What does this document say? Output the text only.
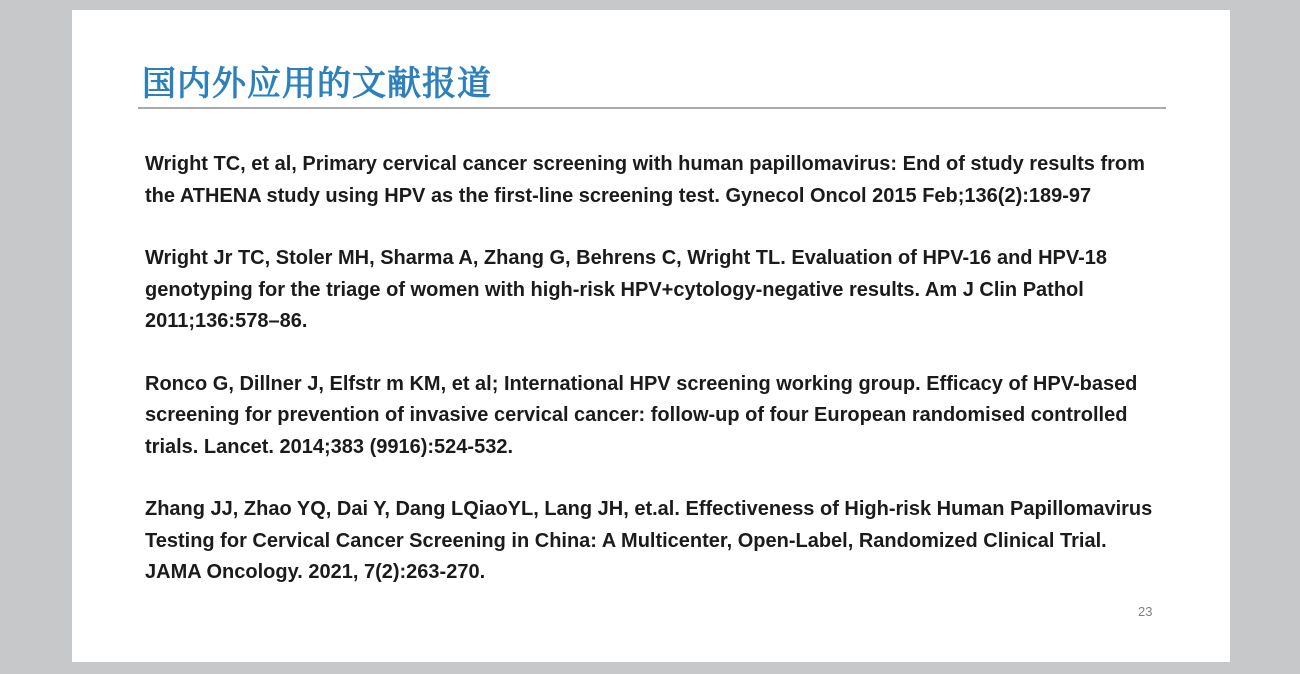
国内外应用的文献报道

Wright TC, et al, Primary cervical cancer screening with human papillomavirus: End of study results from the ATHENA study using HPV as the first-line screening test. Gynecol Oncol 2015 Feb;136(2):189-97

Wright Jr TC, Stoler MH, Sharma A, Zhang G, Behrens C, Wright TL. Evaluation of HPV-16 and HPV-18 genotyping for the triage of women with high-risk HPV+cytology-negative results. Am J Clin Pathol 2011;136:578–86.

Ronco G, Dillner J, Elfstr m KM, et al; International HPV screening working group. Efficacy of HPV-based screening for prevention of invasive cervical cancer: follow-up of four European randomised controlled trials. Lancet. 2014;383 (9916):524-532.

Zhang JJ, Zhao YQ, Dai Y, Dang LQiaoYL, Lang JH, et.al. Effectiveness of High-risk Human Papillomavirus Testing for Cervical Cancer Screening in China: A Multicenter, Open-Label, Randomized Clinical Trial. JAMA Oncology. 2021, 7(2):263-270.

23
